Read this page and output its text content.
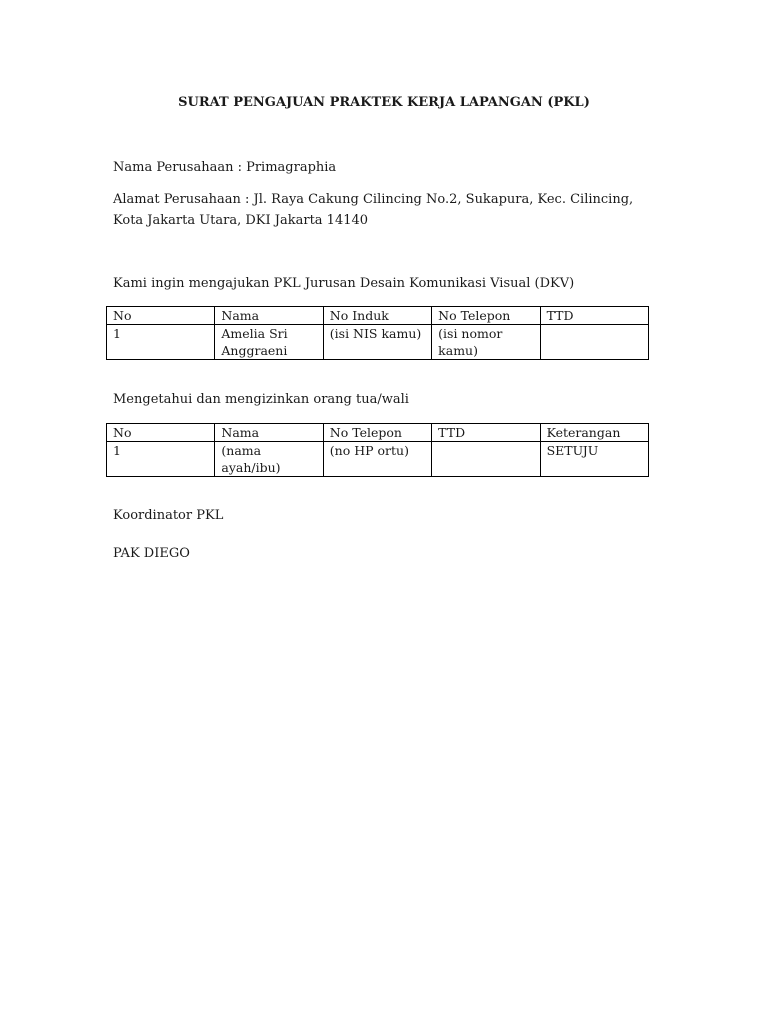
SURAT PENGAJUAN PRAKTEK KERJA LAPANGAN (PKL)
Nama Perusahaan : Primagraphia
Alamat Perusahaan : Jl. Raya Cakung Cilincing No.2, Sukapura, Kec. Cilincing, Kota Jakarta Utara, DKI Jakarta 14140
Kami ingin mengajukan PKL Jurusan Desain Komunikasi Visual (DKV)
No	Nama	No Induk	No Telepon	TTD
1	Amelia Sri Anggraeni	(isi NIS kamu)	(isi nomor kamu)	
Mengetahui dan mengizinkan orang tua/wali
No	Nama	No Telepon	TTD	Keterangan
1	(nama ayah/ibu)	(no HP ortu)		SETUJU
Koordinator PKL
PAK DIEGO
